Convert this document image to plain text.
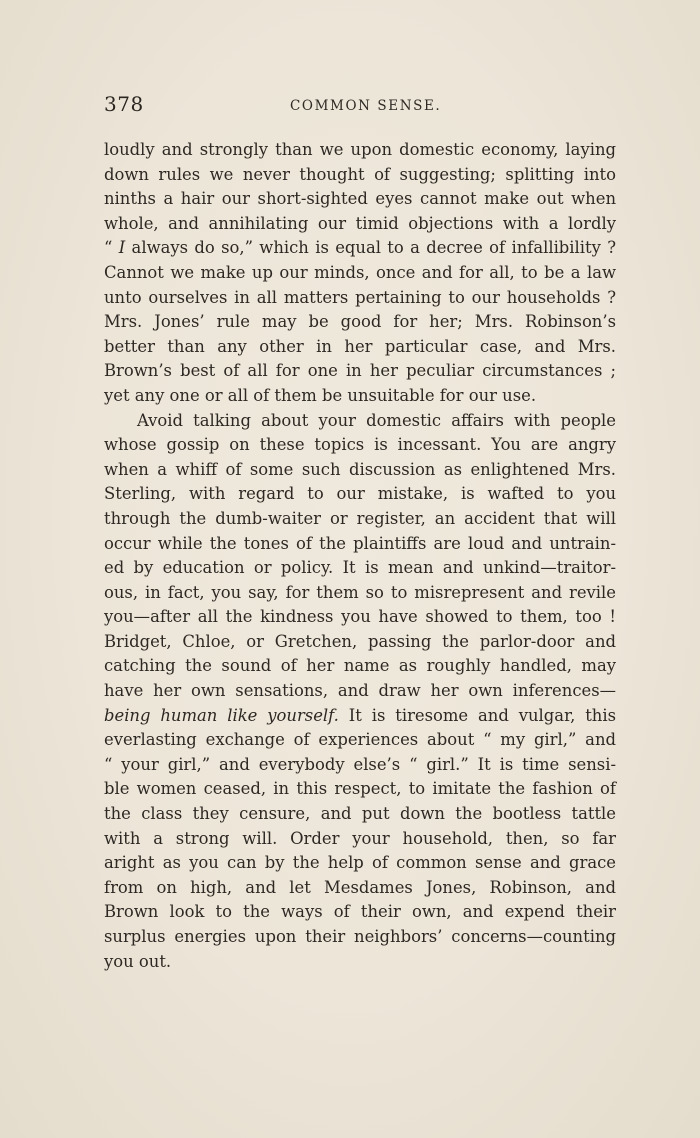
378	COMMON SENSE.
loudly and strongly than we upon domestic economy, laying
down rules we never thought of suggesting; splitting into
ninths a hair our short-sighted eyes cannot make out when
whole, and annihilating our timid objections with a lordly
“ I always do so,” which is equal to a decree of infallibility ?
Cannot we make up our minds, once and for all, to be a law
unto ourselves in all matters pertaining to our households ?
Mrs. Jones’ rule may be good for her; Mrs. Robinson’s
better than any other in her particular case, and Mrs.
Brown’s best of all for one in her peculiar circumstances ;
yet any one or all of them be unsuitable for our use.
Avoid talking about your domestic affairs with people
whose gossip on these topics is incessant. You are angry
when a whiff of some such discussion as enlightened Mrs.
Sterling, with regard to our mistake, is wafted to you
through the dumb-waiter or register, an accident that will
occur while the tones of the plaintiffs are loud and untrain-
ed by education or policy. It is mean and unkind—traitor-
ous, in fact, you say, for them so to misrepresent and revile
you—after all the kindness you have showed to them, too !
Bridget, Chloe, or Gretchen, passing the parlor-door and
catching the sound of her name as roughly handled, may
have her own sensations, and draw her own inferences—
being human like yourself. It is tiresome and vulgar, this
everlasting exchange of experiences about “ my girl,” and
“ your girl,” and everybody else’s “ girl.” It is time sensi-
ble women ceased, in this respect, to imitate the fashion of
the class they censure, and put down the bootless tattle
with a strong will. Order your household, then, so far
aright as you can by the help of common sense and grace
from on high, and let Mesdames Jones, Robinson, and
Brown look to the ways of their own, and expend their
surplus energies upon their neighbors’ concerns—counting
you out.
